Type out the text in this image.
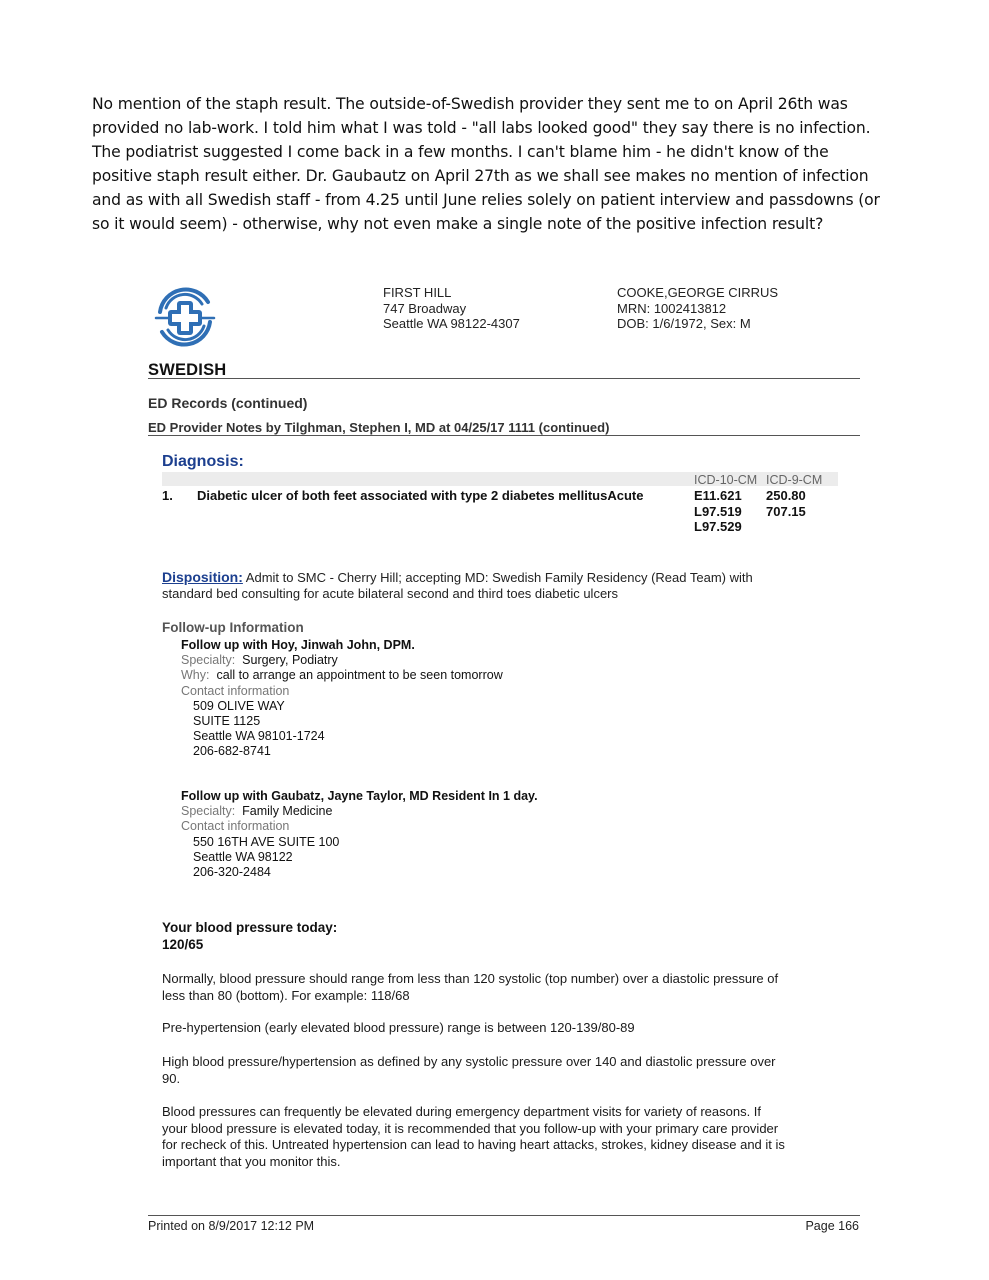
No mention of the staph result. The outside-of-Swedish provider they sent me to on April 26th was

provided no lab-work. I told him what I was told - "all labs looked good" they say there is no infection.

The podiatrist suggested I come back in a few months. I can't blame him - he didn't know of the

positive staph result either. Dr. Gaubautz on April 27th as we shall see makes no mention of infection

and as with all Swedish staff - from 4.25 until June relies solely on patient interview and passdowns (or

so it would seem) - otherwise, why not even make a single note of the positive infection result?

SWEDISH
FIRST HILL
747 Broadway
Seattle WA 98122-4307
COOKE,GEORGE CIRRUS
MRN: 1002413812
DOB: 1/6/1972, Sex: M
ED Records (continued)
ED Provider Notes by Tilghman, Stephen I, MD at 04/25/17 1111 (continued)
Diagnosis:
ICD-10-CM ICD-9-CM
1. Diabetic ulcer of both feet associated with type 2 diabetes mellitusAcute	E11.621
L97.519
L97.529
250.80
707.15
Disposition: Admit to SMC - Cherry Hill; accepting MD: Swedish Family Residency (Read Team) with
standard bed consulting for acute bilateral second and third toes diabetic ulcers
Follow-up Information
Follow up with Hoy, Jinwah John, DPM.
Specialty: Surgery, Podiatry
Why: call to arrange an appointment to be seen tomorrow
Contact information
509 OLIVE WAY
SUITE 1125
Seattle WA 98101-1724
206-682-8741
Follow up with Gaubatz, Jayne Taylor, MD Resident In 1 day.
Specialty: Family Medicine
Contact information
550 16TH AVE SUITE 100
Seattle WA 98122
206-320-2484
Your blood pressure today:
120/65
Normally, blood pressure should range from less than 120 systolic (top number) over a diastolic pressure of
less than 80 (bottom). For example: 118/68
Pre-hypertension (early elevated blood pressure) range is between 120-139/80-89
High blood pressure/hypertension as defined by any systolic pressure over 140 and diastolic pressure over
90.
Blood pressures can frequently be elevated during emergency department visits for variety of reasons. If
your blood pressure is elevated today, it is recommended that you follow-up with your primary care provider
for recheck of this. Untreated hypertension can lead to having heart attacks, strokes, kidney disease and it is
important that you monitor this.
Printed on 8/9/2017 12:12 PM	Page 166
